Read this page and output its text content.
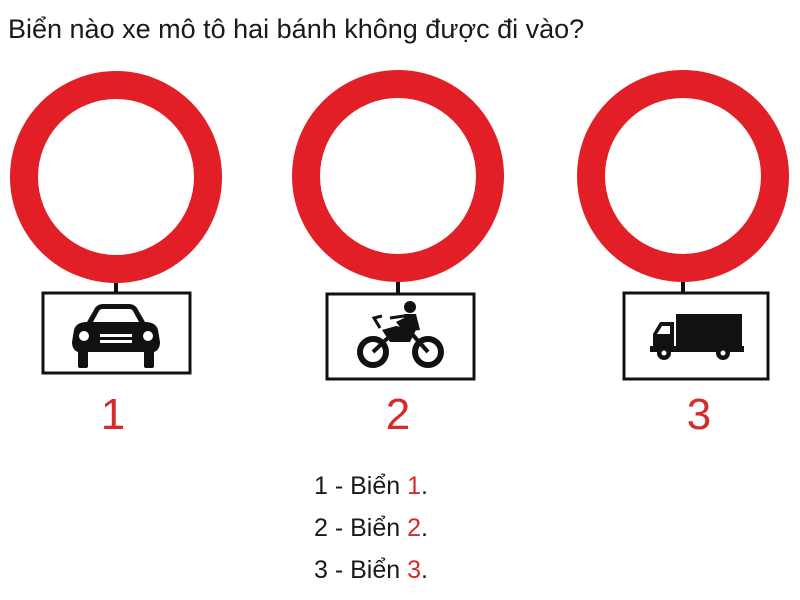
Biển nào xe mô tô hai bánh không được đi vào?
1	2	3
1 - Biển 1.
2 - Biển 2.
3 - Biển 3.
